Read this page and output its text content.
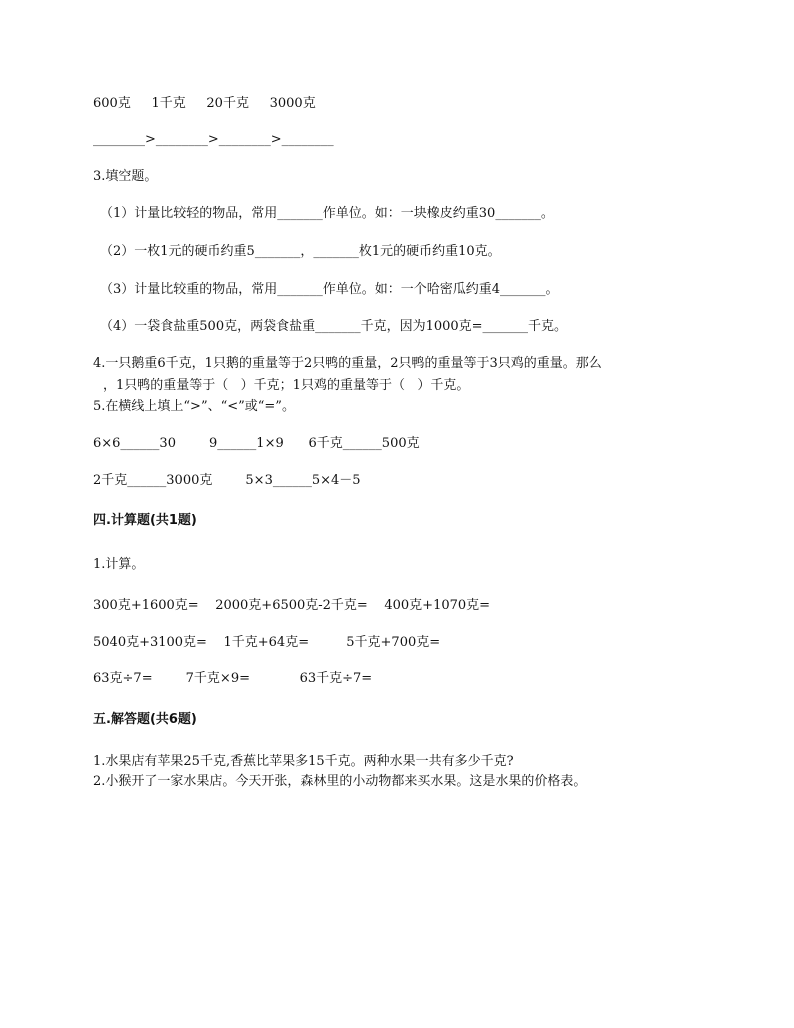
600克     1千克     20千克     3000克
________>________>________>________
3.填空题。
（1）计量比较轻的物品，常用_______作单位。如：一块橡皮约重30_______。
（2）一枚1元的硬币约重5_______，_______枚1元的硬币约重10克。
（3）计量比较重的物品，常用_______作单位。如：一个哈密瓜约重4_______。
（4）一袋食盐重500克，两袋食盐重_______千克，因为1000克=_______千克。
4.一只鹅重6千克，1只鹅的重量等于2只鸭的重量，2只鸭的重量等于3只鸡的重量。那么
，1只鸭的重量等于（   ）千克；1只鸡的重量等于（   ）千克。
5.在横线上填上“>”、“<”或“=”。
6×6______30        9______1×9      6千克______500克
2千克______3000克        5×3______5×4－5
四.计算题(共1题)
1.计算。
300克+1600克=    2000克+6500克-2千克=    400克+1070克=
5040克+3100克=    1千克+64克=         5千克+700克=
63克÷7=        7千克×9=            63千克÷7=
五.解答题(共6题)
1.水果店有苹果25千克,香蕉比苹果多15千克。两种水果一共有多少千克?
2.小猴开了一家水果店。今天开张，森林里的小动物都来买水果。这是水果的价格表。
